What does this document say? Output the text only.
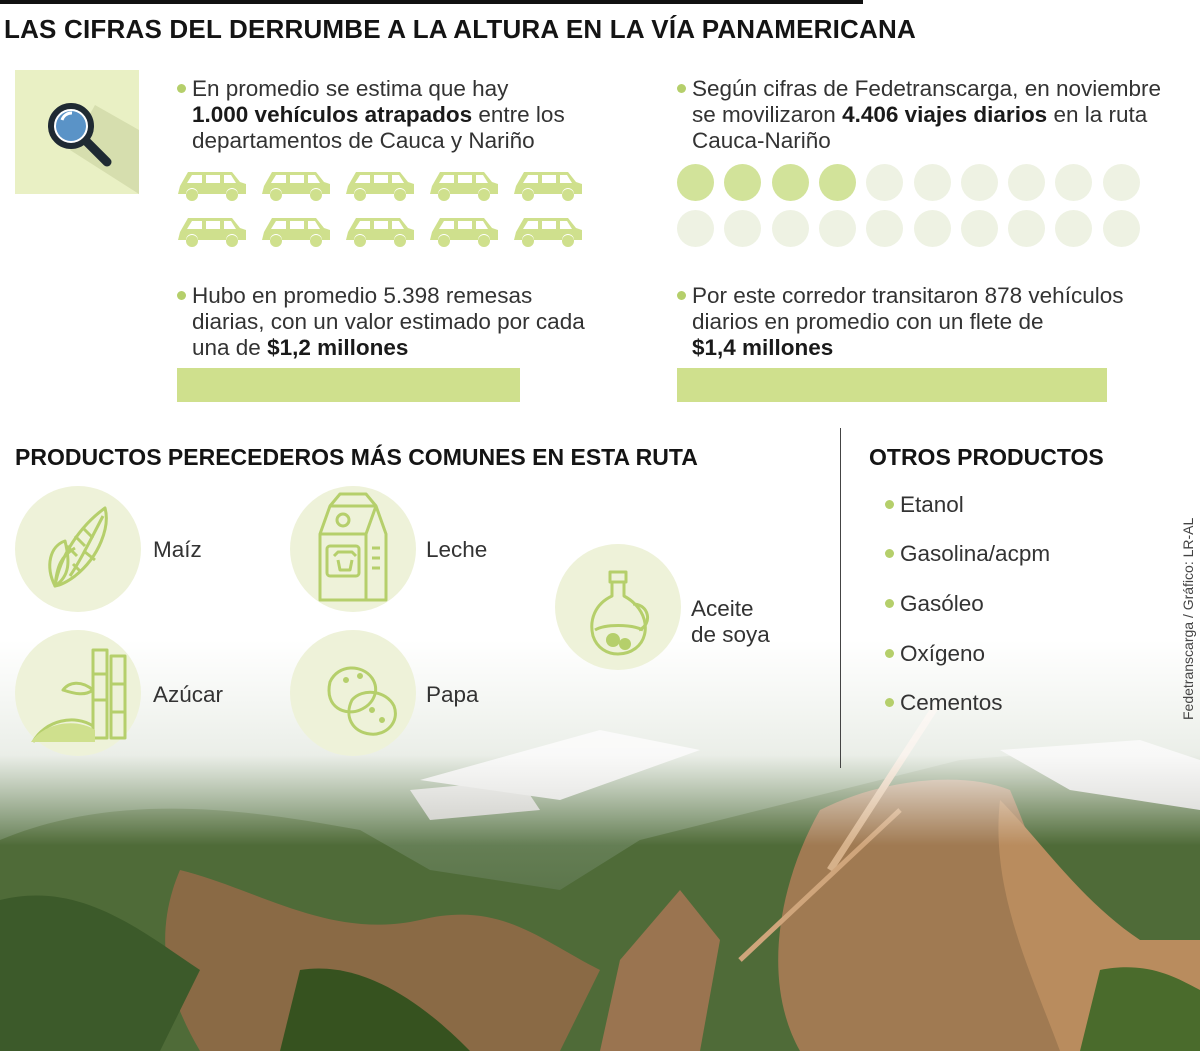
LAS CIFRAS DEL DERRUMBE A LA ALTURA EN LA VÍA PANAMERICANA
En promedio se estima que hay
1.000 vehículos atrapados entre los
departamentos de Cauca y Nariño
Según cifras de Fedetranscarga, en noviembre
se movilizaron 4.406 viajes diarios en la ruta
Cauca-Nariño
Hubo en promedio 5.398 remesas
diarias, con un valor estimado por cada
una de $1,2 millones
Por este corredor transitaron 878 vehículos
diarios en promedio con un flete de
$1,4 millones
PRODUCTOS PERECEDEROS MÁS COMUNES EN ESTA RUTA
Maíz	Leche
Aceite
de soya
Azúcar	Papa
OTROS PRODUCTOS
Etanol
Gasolina/acpm
Gasóleo
Oxígeno
Cementos	Fedetranscarga / Gráfico: LR-AL
